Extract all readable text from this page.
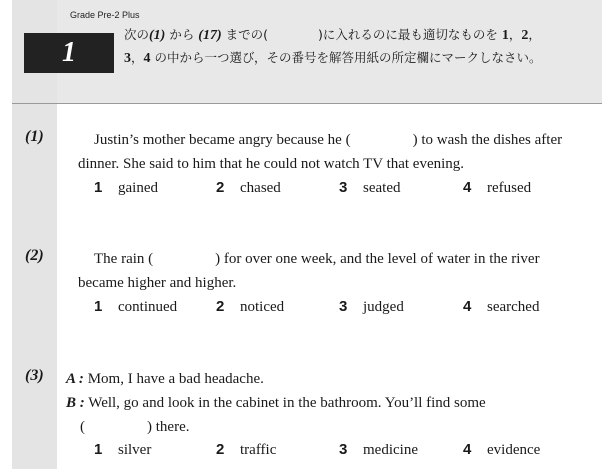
Grade Pre-2 Plus
1
次の(1) から (17) までの(　　　　)に入れるのに最も適切なものを 1，2，
3，4 の中から一つ選び，その番号を解答用紙の所定欄にマークしなさい。
(1)	Justin’s mother became angry because he (	) to wash the dishes after
dinner. She said to him that he could not watch TV that evening.
1 gained	2 chased	3 seated	4 refused
(2)	The rain (	) for over one week, and the level of water in the river
became higher and higher.
1 continued	2 noticed	3 judged	4 searched
(3) A : Mom, I have a bad headache.
B : Well, go and look in the cabinet in the bathroom. You’ll find some
(	) there.
1 silver	2 traffic	3 medicine	4 evidence
